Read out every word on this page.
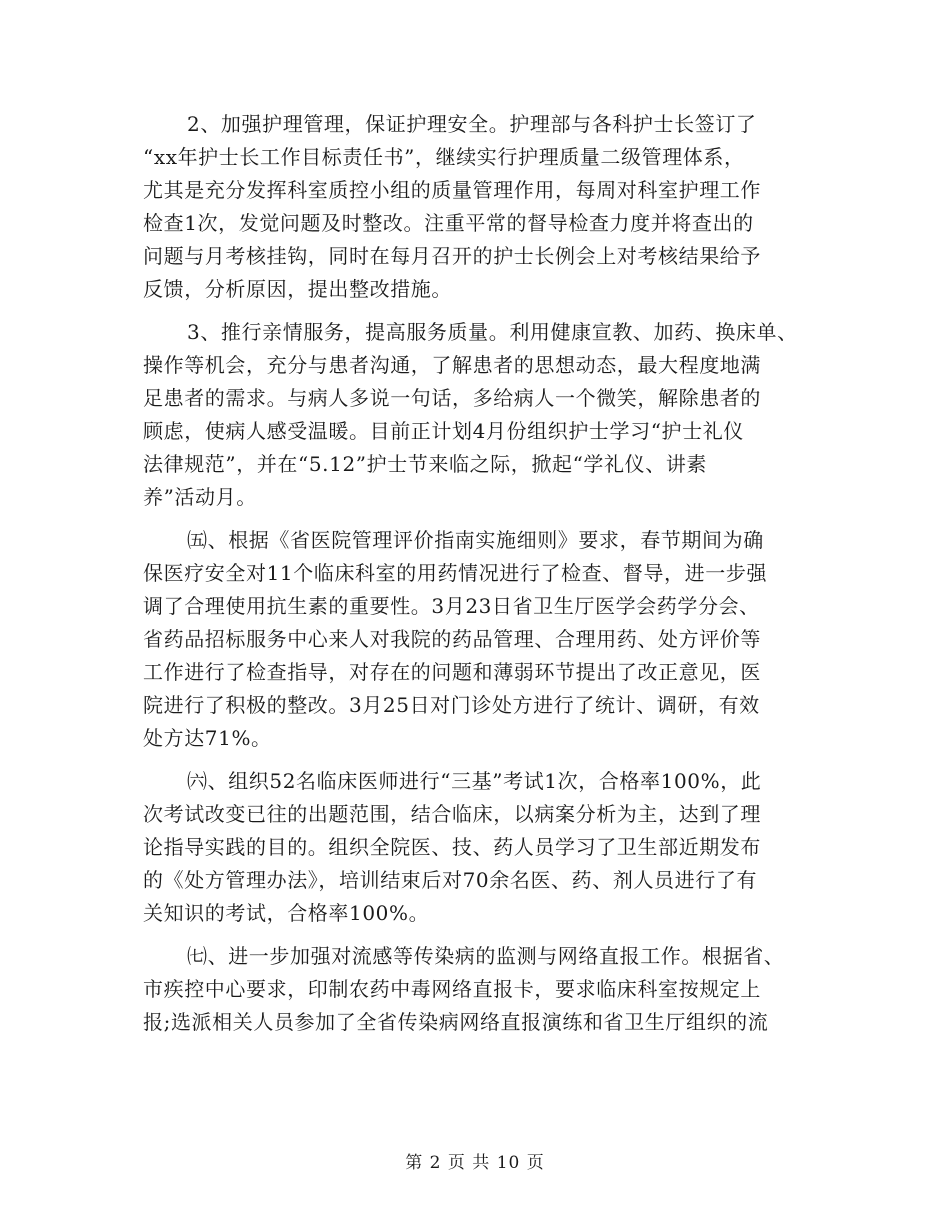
2、加强护理管理，保证护理安全。护理部与各科护士长签订了
“xx年护士长工作目标责任书”，继续实行护理质量二级管理体系，
尤其是充分发挥科室质控小组的质量管理作用，每周对科室护理工作
检查1次，发觉问题及时整改。注重平常的督导检查力度并将查出的
问题与月考核挂钩，同时在每月召开的护士长例会上对考核结果给予
反馈，分析原因，提出整改措施。
3、推行亲情服务，提高服务质量。利用健康宣教、加药、换床单、
操作等机会，充分与患者沟通，了解患者的思想动态，最大程度地满
足患者的需求。与病人多说一句话，多给病人一个微笑，解除患者的
顾虑，使病人感受温暖。目前正计划4月份组织护士学习“护士礼仪
法律规范”，并在“5.12”护士节来临之际，掀起“学礼仪、讲素
养”活动月。
㈤、根据《省医院管理评价指南实施细则》要求，春节期间为确
保医疗安全对11个临床科室的用药情况进行了检查、督导，进一步强
调了合理使用抗生素的重要性。3月23日省卫生厅医学会药学分会、
省药品招标服务中心来人对我院的药品管理、合理用药、处方评价等
工作进行了检查指导，对存在的问题和薄弱环节提出了改正意见，医
院进行了积极的整改。3月25日对门诊处方进行了统计、调研，有效
处方达71%。
㈥、组织52名临床医师进行“三基”考试1次，合格率100%，此
次考试改变已往的出题范围，结合临床，以病案分析为主，达到了理
论指导实践的目的。组织全院医、技、药人员学习了卫生部近期发布
的《处方管理办法》，培训结束后对70余名医、药、剂人员进行了有
关知识的考试，合格率100%。
㈦、进一步加强对流感等传染病的监测与网络直报工作。根据省、
市疾控中心要求，印制农药中毒网络直报卡，要求临床科室按规定上
报;选派相关人员参加了全省传染病网络直报演练和省卫生厅组织的流
第 2 页 共 10 页
